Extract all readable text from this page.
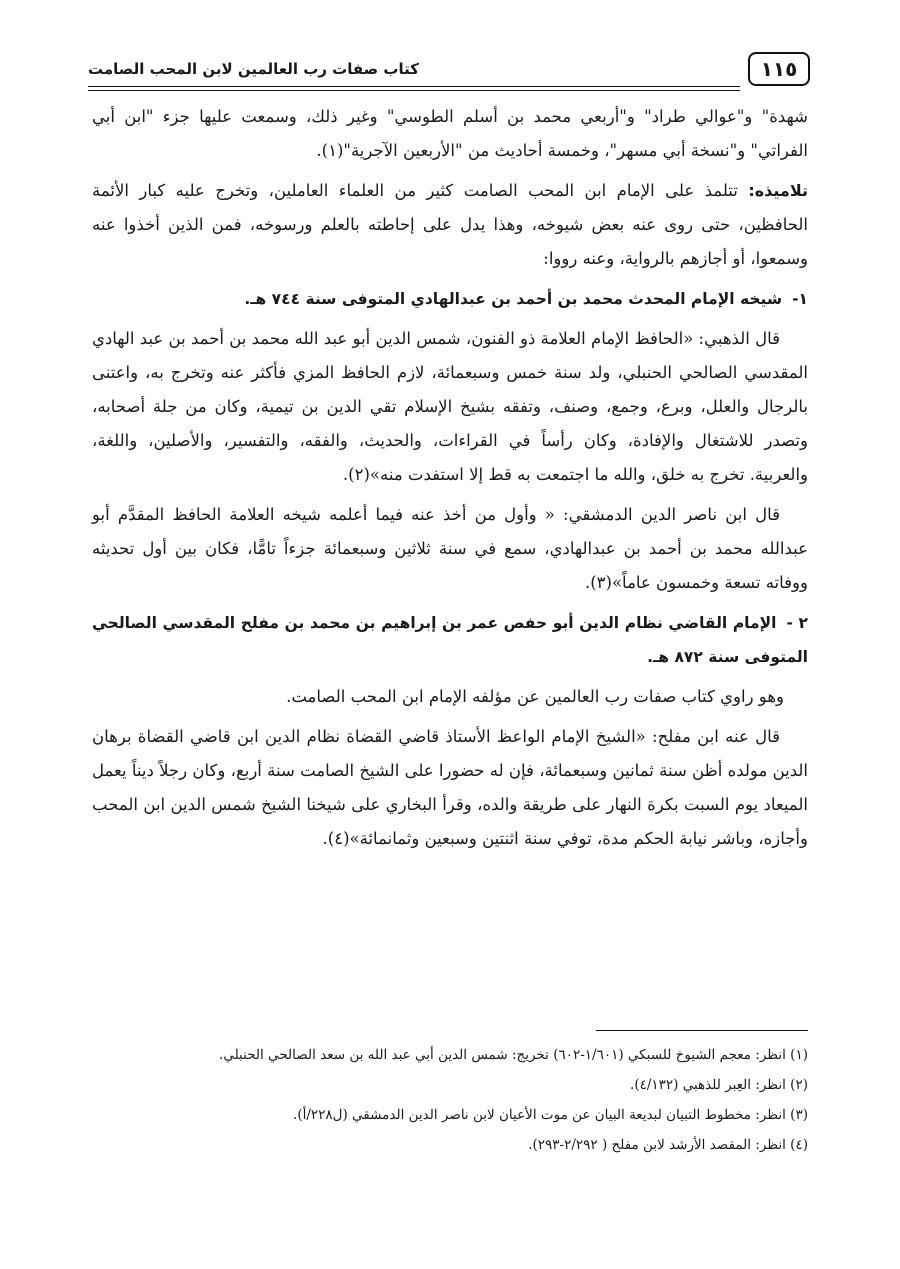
١١٥
كتاب صفات رب العالمين لابن المحب الصامت

شهدة" و"عوالي طراد" و"أربعي محمد بن أسلم الطوسي" وغير ذلك، وسمعت عليها جزء "ابن أبي الفراتي" و"نسخة أبي مسهر"، وخمسة أحاديث من "الأربعين الآجرية"(١).

تلاميذه: تتلمذ على الإمام ابن المحب الصامت كثير من العلماء العاملين، وتخرج عليه كبار الأئمة الحافظين، حتى روى عنه بعض شيوخه، وهذا يدل على إحاطته بالعلم ورسوخه، فمن الذين أخذوا عنه وسمعوا، أو أجازهم بالرواية، وعنه رووا:

١-شيخه الإمام المحدث محمد بن أحمد بن عبدالهادي المتوفى سنة ٧٤٤ هـ.

قال الذهبي: «الحافظ الإمام العلامة ذو الفنون، شمس الدين أبو عبد الله محمد بن أحمد بن عبد الهادي المقدسي الصالحي الحنبلي، ولد سنة خمس وسبعمائة، لازم الحافظ المزي فأكثر عنه وتخرج به، واعتنى بالرجال والعلل، وبرع، وجمع، وصنف، وتفقه بشيخ الإسلام تقي الدين بن تيمية، وكان من جلة أصحابه، وتصدر للاشتغال والإفادة، وكان رأساً في القراءات، والحديث، والفقه، والتفسير، والأصلين، واللغة، والعربية. تخرج به خلق، والله ما اجتمعت به قط إلا استفدت منه»(٢).

قال ابن ناصر الدين الدمشقي: « وأول من أخذ عنه فيما أعلمه شيخه العلامة الحافظ المقدَّم أبو عبدالله محمد بن أحمد بن عبدالهادي، سمع في سنة ثلاثين وسبعمائة جزءاً تامًّا، فكان بين أول تحديثه ووفاته تسعة وخمسون عاماً»(٣).

٢ -الإمام القاضي نظام الدين أبو حفص عمر بن إبراهيم بن محمد بن مفلح المقدسي الصالحي المتوفى سنة ٨٧٢ هـ.

وهو راوي كتاب صفات رب العالمين عن مؤلفه الإمام ابن المحب الصامت.

قال عنه ابن مفلح: «الشيخ الإمام الواعظ الأستاذ قاضي القضاة نظام الدين ابن قاضي القضاة برهان الدين مولده أظن سنة ثمانين وسبعمائة، فإن له حضورا على الشيخ الصامت سنة أربع، وكان رجلاً ديناً يعمل الميعاد يوم السبت بكرة النهار على طريقة والده، وقرأ البخاري على شيخنا الشيخ شمس الدين ابن المحب وأجازه، وباشر نيابة الحكم مدة، توفي سنة اثنتين وسبعين وثمانمائة»(٤).

(١) انظر: معجم الشيوخ للسبكي (١/٦٠١-٦٠٢) تخريج: شمس الدين أبي عبد الله بن سعد الصالحي الحنبلي.
(٢) انظر: العِبر للذهبي (٤/١٣٢).
(٣) انظر: مخطوط التبيان لبديعة البيان عن موت الأعيان لابن ناصر الدين الدمشقي (ل٢٢٨/أ).
(٤) انظر: المقصد الأرشد لابن مفلح ( ٢/٢٩٢-٢٩٣).
